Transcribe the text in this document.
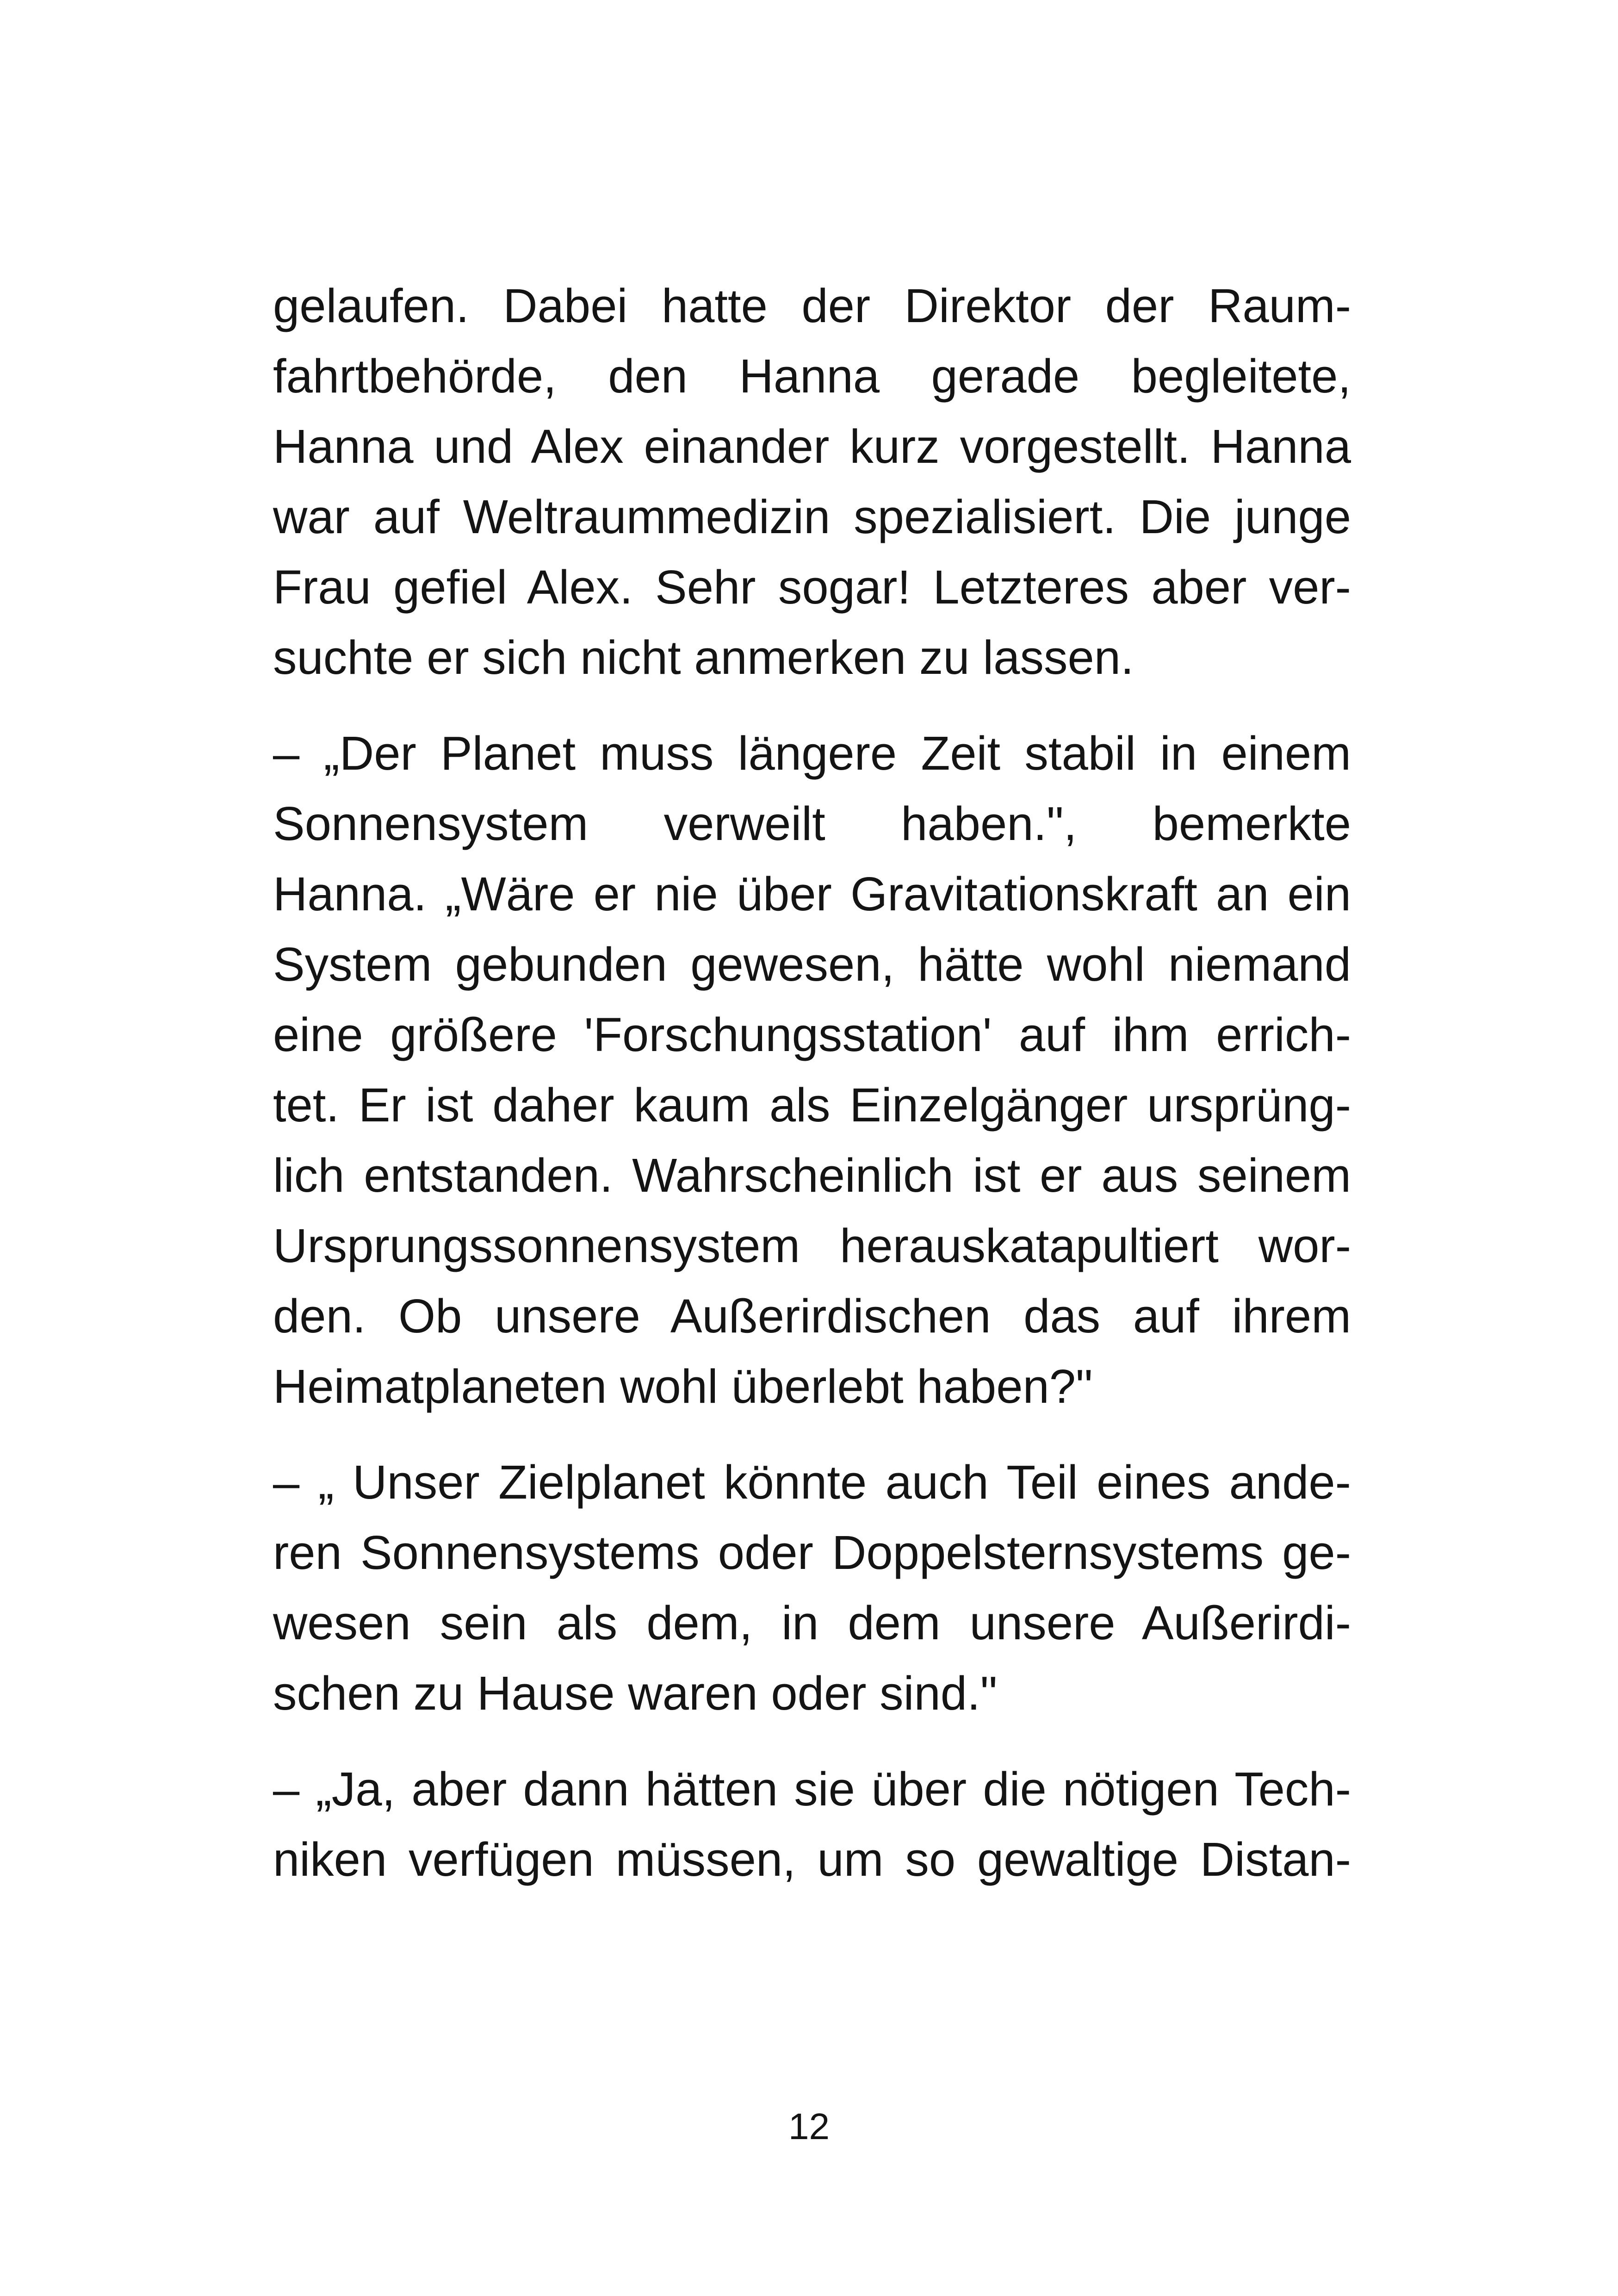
gelaufen. Dabei hatte der Direktor der Raum-
fahrtbehörde, den Hanna gerade begleitete,
Hanna und Alex einander kurz vorgestellt. Hanna
war auf Weltraummedizin spezialisiert. Die junge
Frau gefiel Alex. Sehr sogar! Letzteres aber ver-
suchte er sich nicht anmerken zu lassen.
– „Der Planet muss längere Zeit stabil in einem
Sonnensystem verweilt haben.", bemerkte
Hanna. „Wäre er nie über Gravitationskraft an ein
System gebunden gewesen, hätte wohl niemand
eine größere 'Forschungsstation' auf ihm errich-
tet. Er ist daher kaum als Einzelgänger ursprüng-
lich entstanden. Wahrscheinlich ist er aus seinem
Ursprungssonnensystem herauskatapultiert wor-
den. Ob unsere Außerirdischen das auf ihrem
Heimatplaneten wohl überlebt haben?"
– „ Unser Zielplanet könnte auch Teil eines ande-
ren Sonnensystems oder Doppelsternsystems ge-
wesen sein als dem, in dem unsere Außerirdi-
schen zu Hause waren oder sind."
– „Ja, aber dann hätten sie über die nötigen Tech-
niken verfügen müssen, um so gewaltige Distan-
12
